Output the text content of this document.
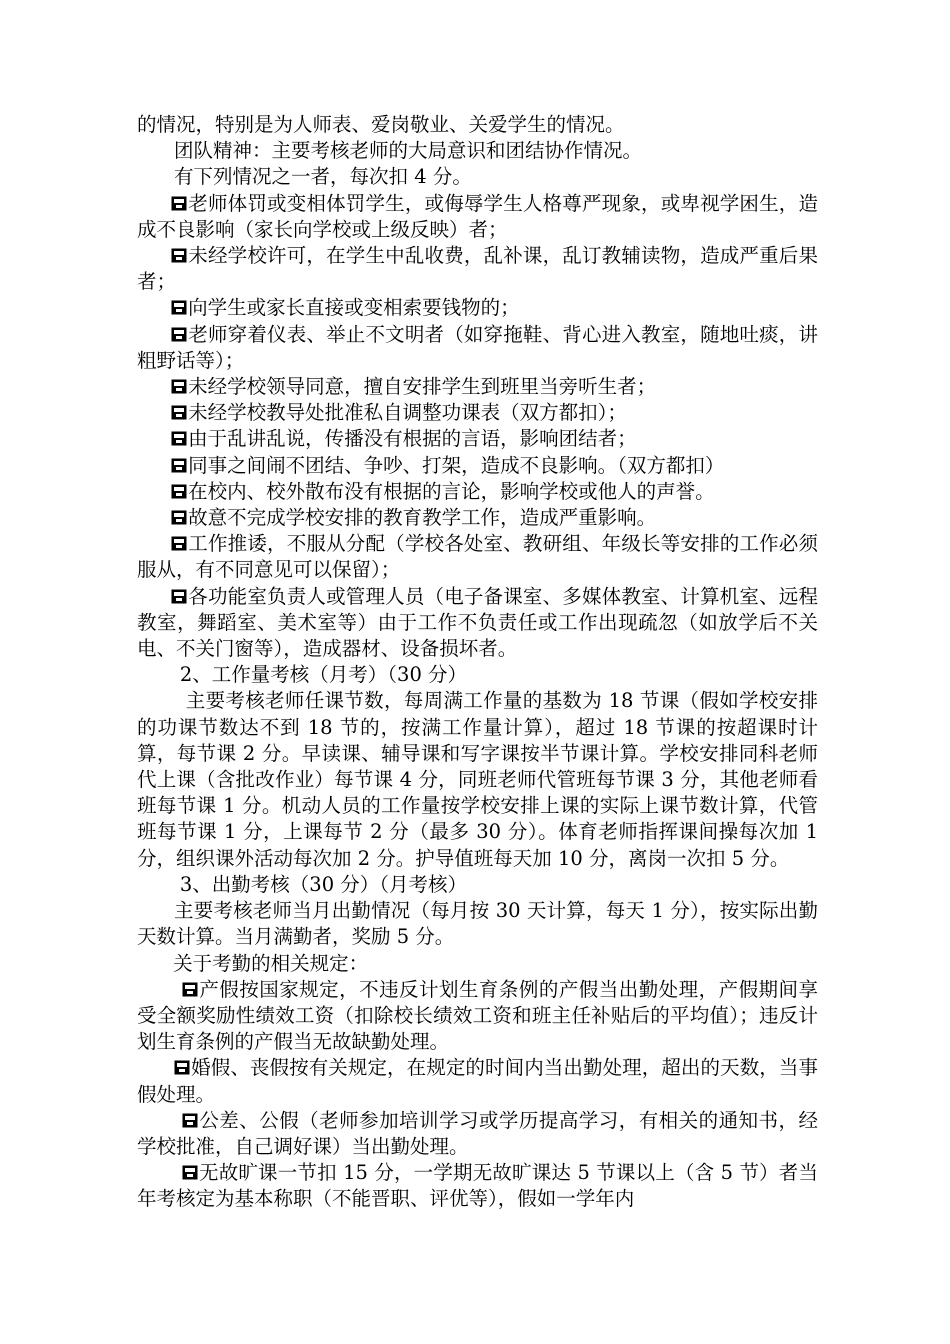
的情况，特别是为人师表、爱岗敬业、关爱学生的情况。

团队精神：主要考核老师的大局意识和团结协作情况。

有下列情况之一者，每次扣 4 分。

老师体罚或变相体罚学生，或侮辱学生人格尊严现象，或卑视学困生，造成不良影响（家长向学校或上级反映）者；

未经学校许可，在学生中乱收费，乱补课，乱订教辅读物，造成严重后果者；

向学生或家长直接或变相索要钱物的；

老师穿着仪表、举止不文明者（如穿拖鞋、背心进入教室，随地吐痰，讲粗野话等）；

未经学校领导同意，擅自安排学生到班里当旁听生者；

未经学校教导处批准私自调整功课表（双方都扣）；

由于乱讲乱说，传播没有根据的言语，影响团结者；

同事之间闹不团结、争吵、打架，造成不良影响。（双方都扣）

在校内、校外散布没有根据的言论，影响学校或他人的声誉。

故意不完成学校安排的教育教学工作，造成严重影响。

工作推诿，不服从分配（学校各处室、教研组、年级长等安排的工作必须服从，有不同意见可以保留）；

各功能室负责人或管理人员（电子备课室、多媒体教室、计算机室、远程教室，舞蹈室、美术室等）由于工作不负责任或工作出现疏忽（如放学后不关电、不关门窗等），造成器材、设备损坏者。

2、工作量考核（月考）（30 分）

主要考核老师任课节数，每周满工作量的基数为 18 节课（假如学校安排的功课节数达不到 18 节的，按满工作量计算），超过 18 节课的按超课时计算，每节课 2 分。早读课、辅导课和写字课按半节课计算。学校安排同科老师代上课（含批改作业）每节课 4 分，同班老师代管班每节课 3 分，其他老师看班每节课 1 分。机动人员的工作量按学校安排上课的实际上课节数计算，代管班每节课 1 分，上课每节 2 分（最多 30 分）。体育老师指挥课间操每次加 1 分，组织课外活动每次加 2 分。护导值班每天加 10 分，离岗一次扣 5 分。

3、出勤考核（30 分）（月考核）

主要考核老师当月出勤情况（每月按 30 天计算，每天 1 分），按实际出勤天数计算。当月满勤者，奖励 5 分。

关于考勤的相关规定：

产假按国家规定，不违反计划生育条例的产假当出勤处理，产假期间享受全额奖励性绩效工资（扣除校长绩效工资和班主任补贴后的平均值）；违反计划生育条例的产假当无故缺勤处理。

婚假、丧假按有关规定，在规定的时间内当出勤处理，超出的天数，当事假处理。

公差、公假（老师参加培训学习或学历提高学习，有相关的通知书，经学校批准，自己调好课）当出勤处理。

无故旷课一节扣 15 分，一学期无故旷课达 5 节课以上（含 5 节）者当年考核定为基本称职（不能晋职、评优等），假如一学年内
